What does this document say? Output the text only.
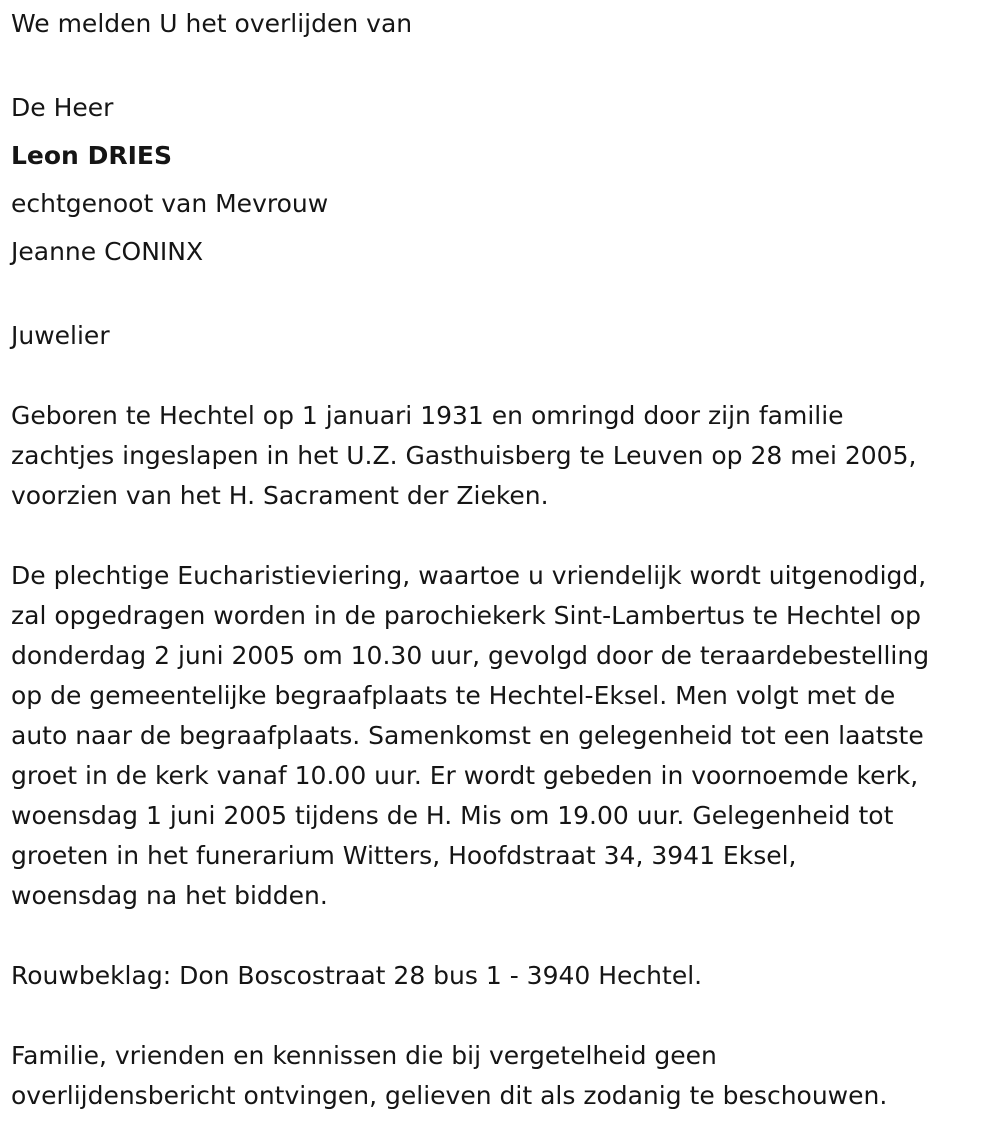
We melden U het overlijden van

De Heer

Leon DRIES

echtgenoot van Mevrouw

Jeanne CONINX

Juwelier

Geboren te Hechtel op 1 januari 1931 en omringd door zijn familie

zachtjes ingeslapen in het U.Z. Gasthuisberg te Leuven op 28 mei 2005,

voorzien van het H. Sacrament der Zieken.

De plechtige Eucharistieviering, waartoe u vriendelijk wordt uitgenodigd,

zal opgedragen worden in de parochiekerk Sint-Lambertus te Hechtel op

donderdag 2 juni 2005 om 10.30 uur, gevolgd door de teraardebestelling

op de gemeentelijke begraafplaats te Hechtel-Eksel. Men volgt met de

auto naar de begraafplaats. Samenkomst en gelegenheid tot een laatste

groet in de kerk vanaf 10.00 uur. Er wordt gebeden in voornoemde kerk,

woensdag 1 juni 2005 tijdens de H. Mis om 19.00 uur. Gelegenheid tot

groeten in het funerarium Witters, Hoofdstraat 34, 3941 Eksel,

woensdag na het bidden.

Rouwbeklag: Don Boscostraat 28 bus 1 - 3940 Hechtel.

Familie, vrienden en kennissen die bij vergetelheid geen

overlijdensbericht ontvingen, gelieven dit als zodanig te beschouwen.
